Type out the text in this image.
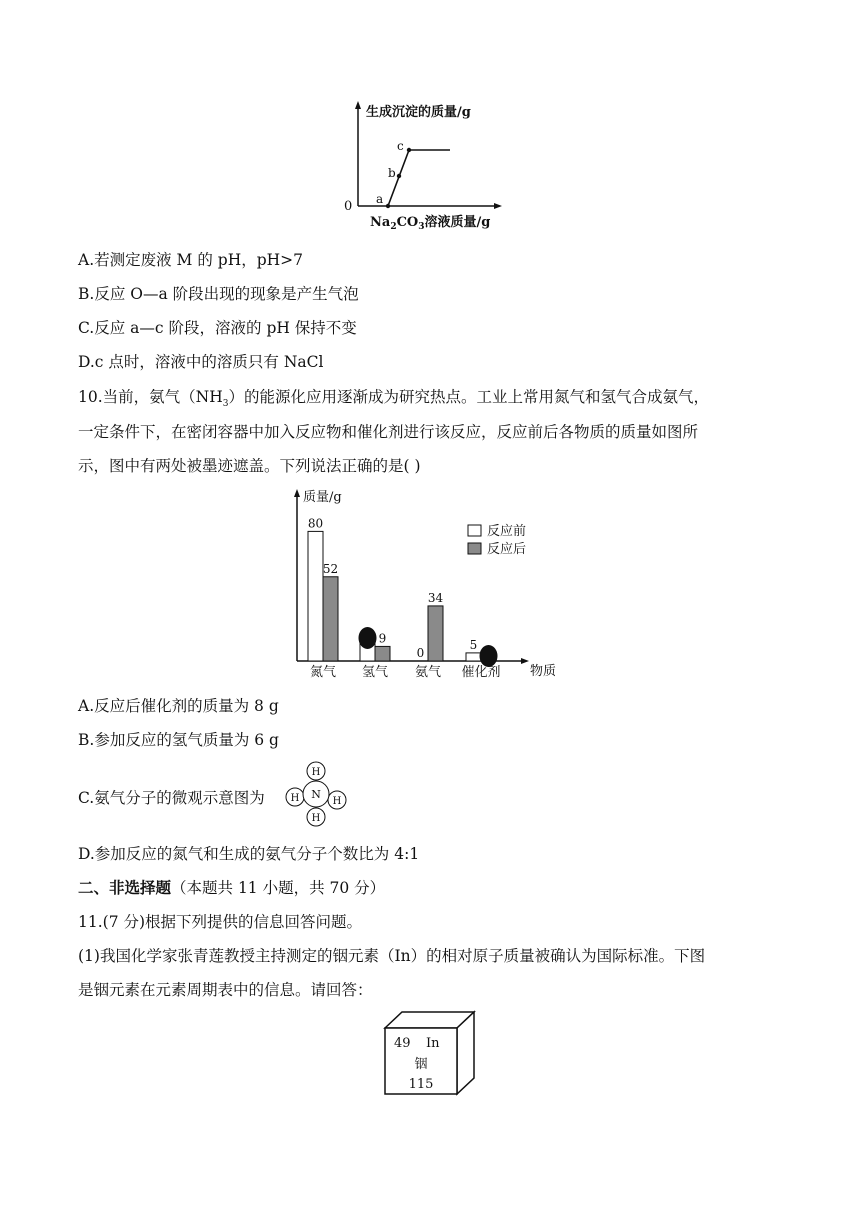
生成沉淀的质量/g
0 a
b
c
$Na_2CO_3$溶液质量/g
A.若测定废液 M 的 pH，pH>7
B.反应 O—a 阶段出现的现象是产生气泡
C.反应 a—c 阶段，溶液的 pH 保持不变
D.c 点时，溶液中的溶质只有 NaCl
10.当前，氨气$(NH_3)$的能源化应用逐渐成为研究热点。工业上常用氮气和氢气合成氨气，
一定条件下，在密闭容器中加入反应物和催化剂进行该反应，反应前后各物质的质量如图所
示，图中有两处被墨迹遮盖。下列说法正确的是( )
质量/g
物质
反应前
反应后
80
52
氮气
9
氢气
0
34
氨气
5
催化剂
A.反应后催化剂的质量为 8 g
B.参加反应的氢气质量为 6 g
C.氨气分子的微观示意图为
H
H	H
H
N
D.参加反应的氮气和生成的氨气分子个数比为 4:1
二、非选择题（本题共 11 小题，共 70 分）
11.(7 分)根据下列提供的信息回答问题。
(1)我国化学家张青莲教授主持测定的铟元素（In）的相对原子质量被确认为国际标准。下图
是铟元素在元素周期表中的信息。请回答：
49 In
铟
115
